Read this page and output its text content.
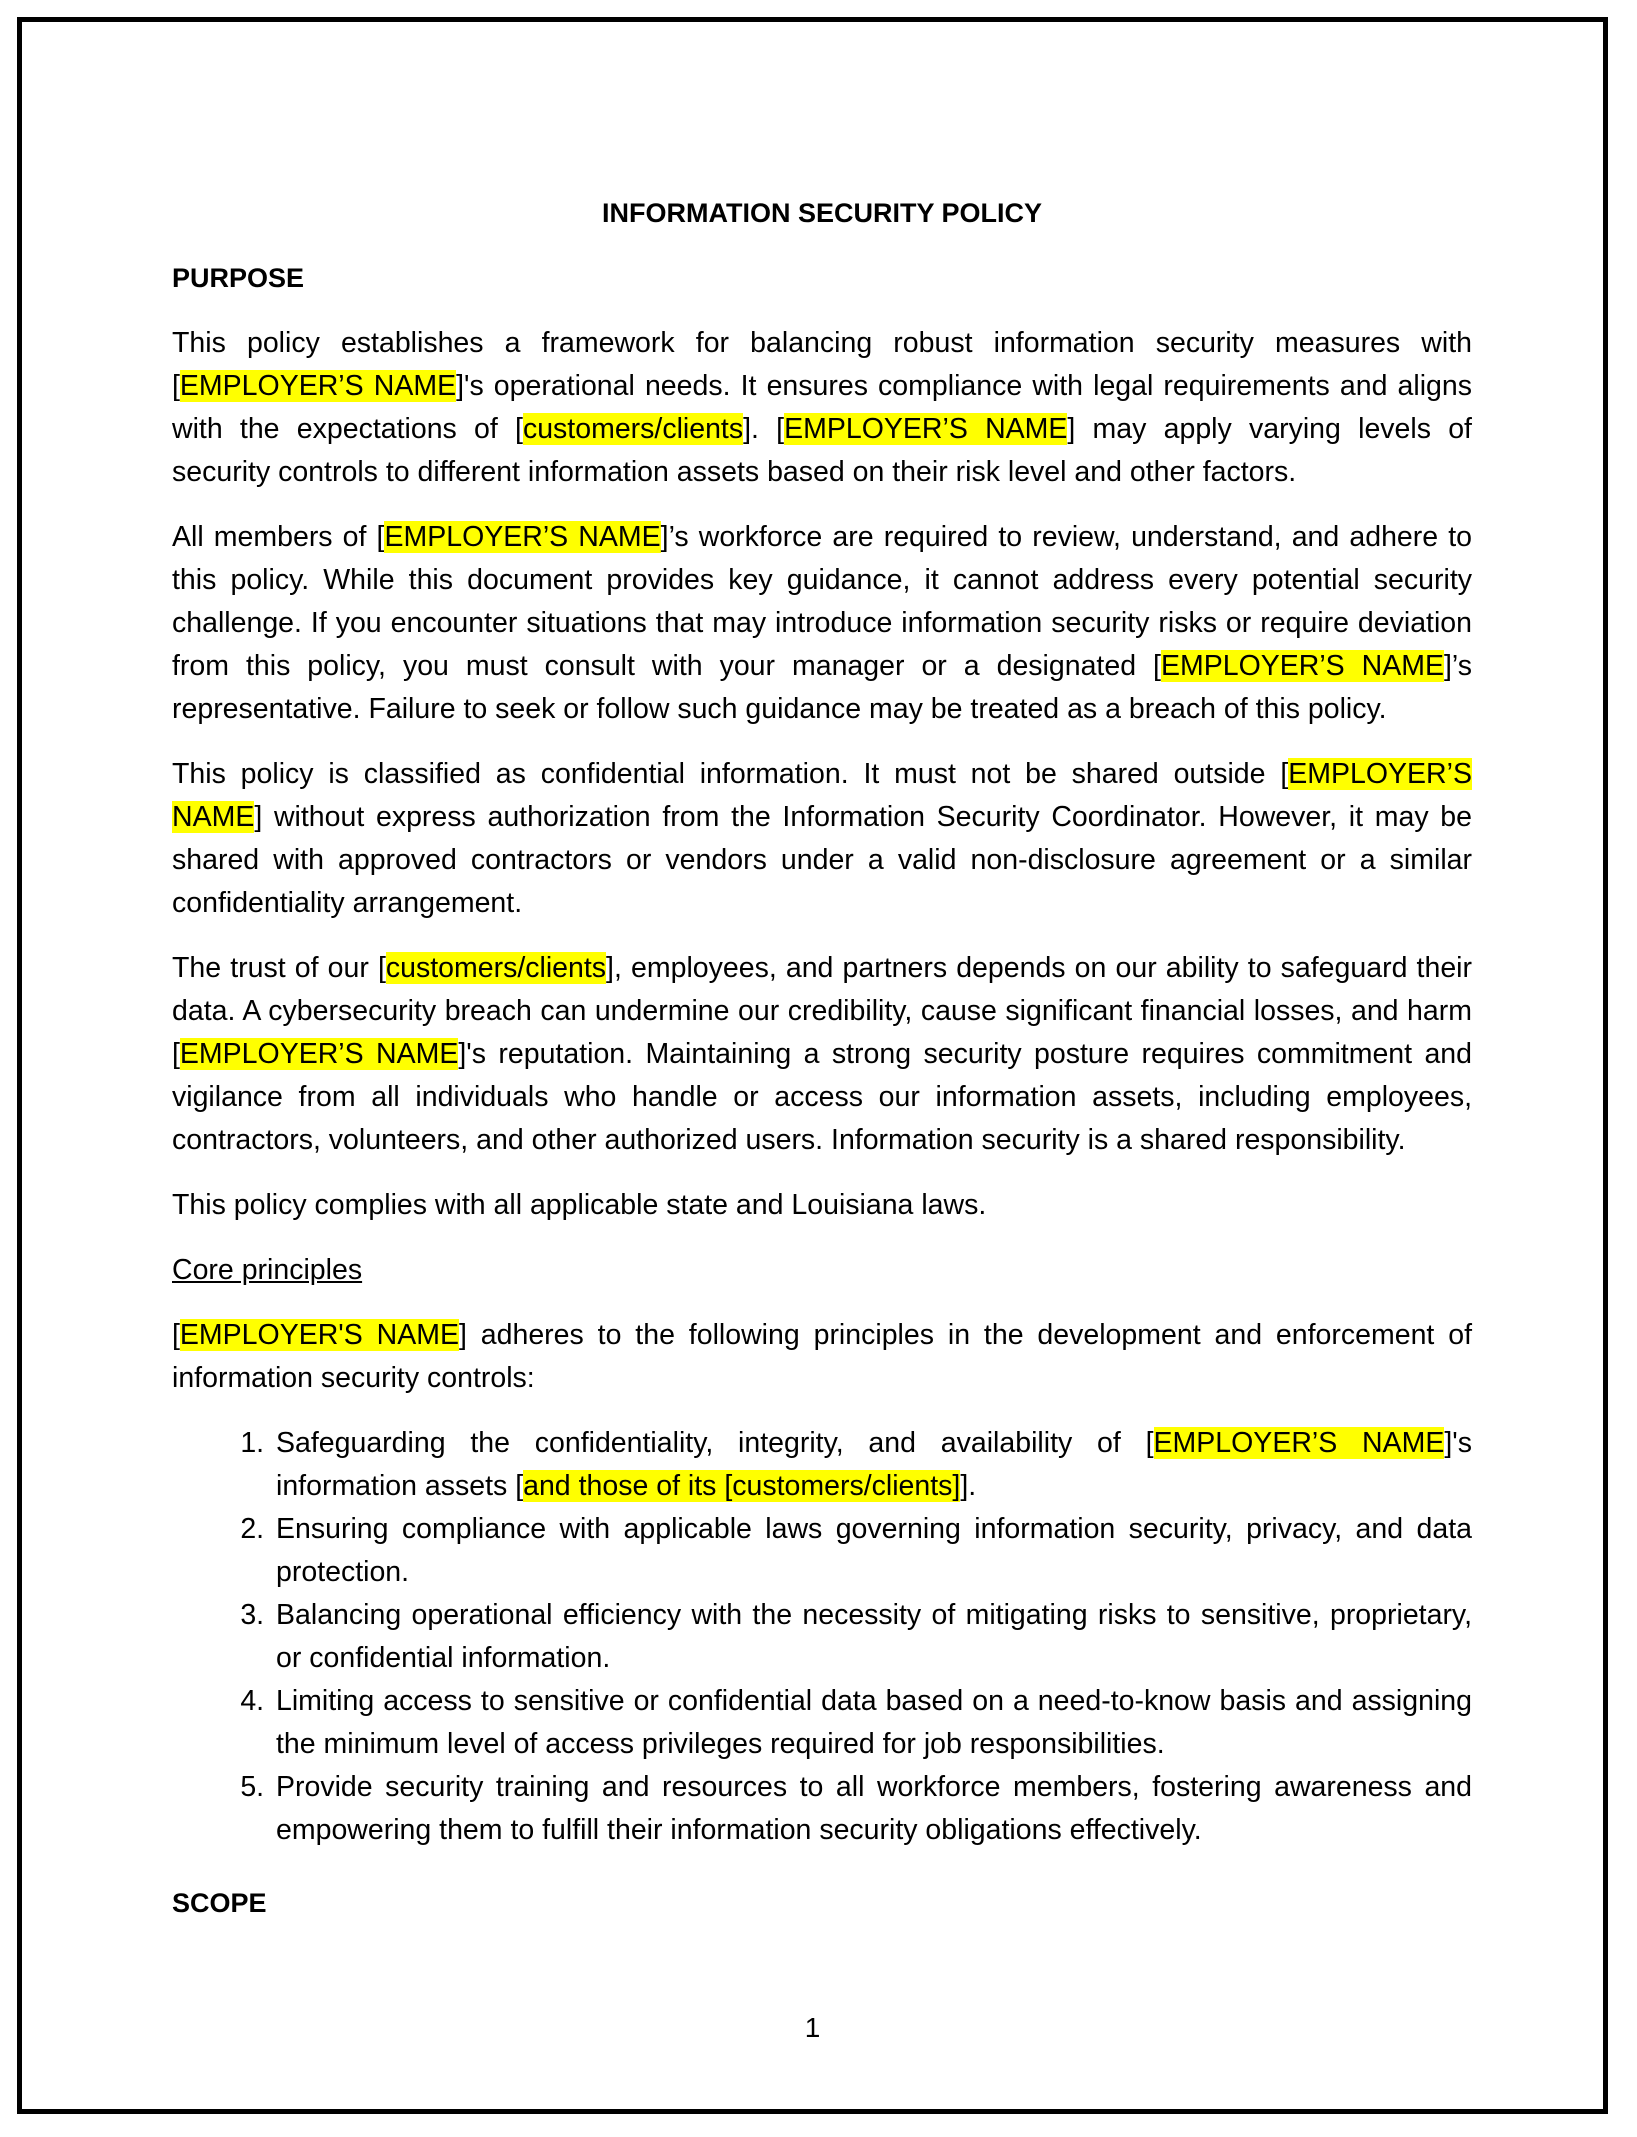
INFORMATION SECURITY POLICY
PURPOSE

This policy establishes a framework for balancing robust information security measures with [EMPLOYER’S NAME]'s operational needs. It ensures compliance with legal requirements and aligns with the expectations of [customers/clients]. [EMPLOYER’S NAME] may apply varying levels of security controls to different information assets based on their risk level and other factors.

All members of [EMPLOYER’S NAME]’s workforce are required to review, understand, and adhere to this policy. While this document provides key guidance, it cannot address every potential security challenge. If you encounter situations that may introduce information security risks or require deviation from this policy, you must consult with your manager or a designated [EMPLOYER’S NAME]’s representative. Failure to seek or follow such guidance may be treated as a breach of this policy.

This policy is classified as confidential information. It must not be shared outside [EMPLOYER’S NAME] without express authorization from the Information Security Coordinator. However, it may be shared with approved contractors or vendors under a valid non-disclosure agreement or a similar confidentiality arrangement.

The trust of our [customers/clients], employees, and partners depends on our ability to safeguard their data. A cybersecurity breach can undermine our credibility, cause significant financial losses, and harm [EMPLOYER’S NAME]'s reputation. Maintaining a strong security posture requires commitment and vigilance from all individuals who handle or access our information assets, including employees, contractors, volunteers, and other authorized users. Information security is a shared responsibility.

This policy complies with all applicable state and Louisiana laws.

Core principles

[EMPLOYER'S NAME] adheres to the following principles in the development and enforcement of information security controls:

1. Safeguarding the confidentiality, integrity, and availability of [EMPLOYER’S NAME]'s information assets [and those of its [customers/clients]].
2. Ensuring compliance with applicable laws governing information security, privacy, and data protection.
3. Balancing operational efficiency with the necessity of mitigating risks to sensitive, proprietary, or confidential information.
4. Limiting access to sensitive or confidential data based on a need-to-know basis and assigning the minimum level of access privileges required for job responsibilities.
5. Provide security training and resources to all workforce members, fostering awareness and empowering them to fulfill their information security obligations effectively.
SCOPE
1
